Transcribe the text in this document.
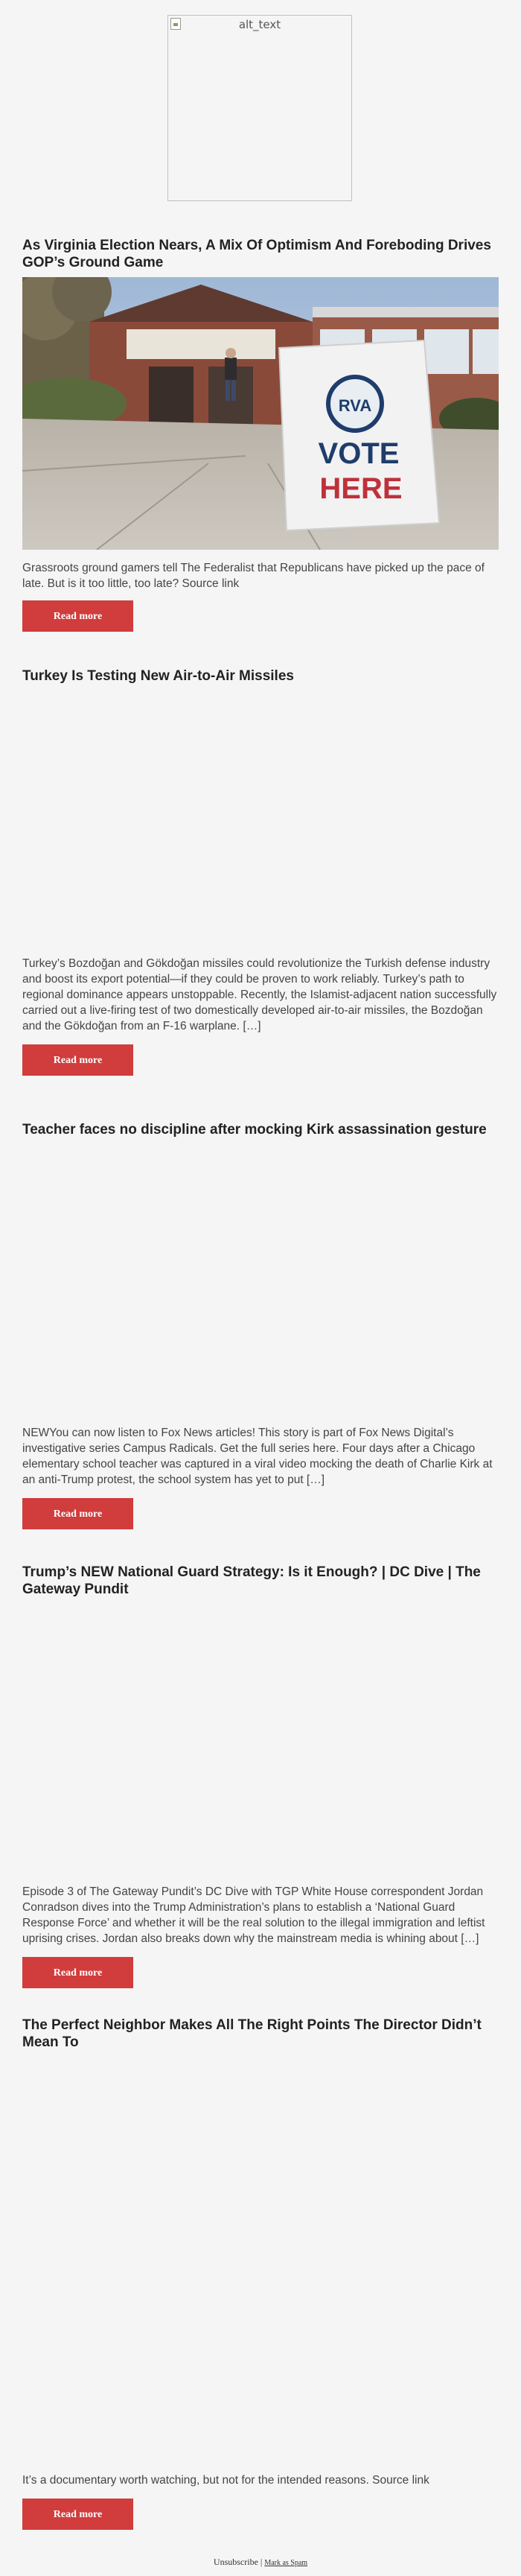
alt_text
As Virginia Election Nears, A Mix Of Optimism And Foreboding Drives GOP’s Ground Game
RVA
VOTE
HERE

Grassroots ground gamers tell The Federalist that Republicans have picked up the pace of late. But is it too little, too late? Source link

Read more
Turkey Is Testing New Air-to-Air Missiles

Turkey’s Bozdoğan and Gökdoğan missiles could revolutionize the Turkish defense industry and boost its export potential—if they could be proven to work reliably. Turkey’s path to regional dominance appears unstoppable. Recently, the Islamist-adjacent nation successfully carried out a live-firing test of two domestically developed air-to-air missiles, the Bozdoğan and the Gökdoğan from an F-16 warplane. […]

Read more
Teacher faces no discipline after mocking Kirk assassination gesture

NEWYou can now listen to Fox News articles! This story is part of Fox News Digital’s investigative series Campus Radicals. Get the full series here. Four days after a Chicago elementary school teacher was captured in a viral video mocking the death of Charlie Kirk at an anti-Trump protest, the school system has yet to put […]

Read more
Trump’s NEW National Guard Strategy: Is it Enough? | DC Dive | The Gateway Pundit

Episode 3 of The Gateway Pundit’s DC Dive with TGP White House correspondent Jordan Conradson dives into the Trump Administration’s plans to establish a ‘National Guard Response Force’ and whether it will be the real solution to the illegal immigration and leftist uprising crises. Jordan also breaks down why the mainstream media is whining about […]

Read more
The Perfect Neighbor Makes All The Right Points The Director Didn’t Mean To

It’s a documentary worth watching, but not for the intended reasons. Source link

Read more
Unsubscribe | Mark as Spam
